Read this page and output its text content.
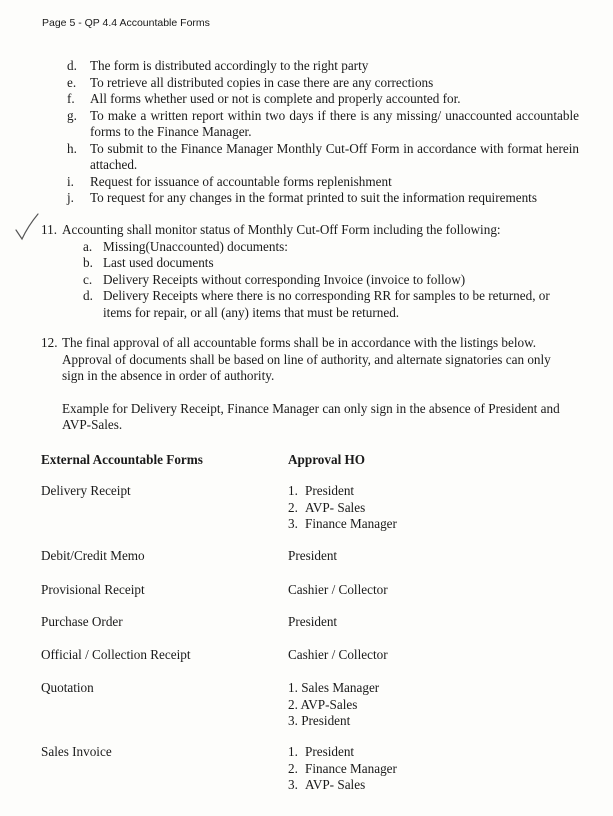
Page 5 - QP 4.4 Accountable Forms
d. The form is distributed accordingly to the right party
e. To retrieve all distributed copies in case there are any corrections
f. All forms whether used or not is complete and properly accounted for.
g. To make a written report within two days if there is any missing/ unaccounted accountable forms to the Finance Manager.
h. To submit to the Finance Manager Monthly Cut-Off Form in accordance with format herein attached.
i. Request for issuance of accountable forms replenishment
j. To request for any changes in the format printed to suit the information requirements
11. Accounting shall monitor status of Monthly Cut-Off Form including the following:
a. Missing(Unaccounted) documents:
b. Last used documents
c. Delivery Receipts without corresponding Invoice (invoice to follow)
d. Delivery Receipts where there is no corresponding RR for samples to be returned, or items for repair, or all (any) items that must be returned.
12. The final approval of all accountable forms shall be in accordance with the listings below. Approval of documents shall be based on line of authority, and alternate signatories can only sign in the absence in order of authority.
Example for Delivery Receipt, Finance Manager can only sign in the absence of President and AVP-Sales.
External Accountable Forms	Approval HO
Delivery Receipt	1. President
2. AVP- Sales
3. Finance Manager
Debit/Credit Memo	President
Provisional Receipt	Cashier / Collector
Purchase Order	President
Official / Collection Receipt	Cashier / Collector
Quotation	1. Sales Manager
2. AVP-Sales
3. President
Sales Invoice	1. President
2. Finance Manager
3. AVP- Sales
